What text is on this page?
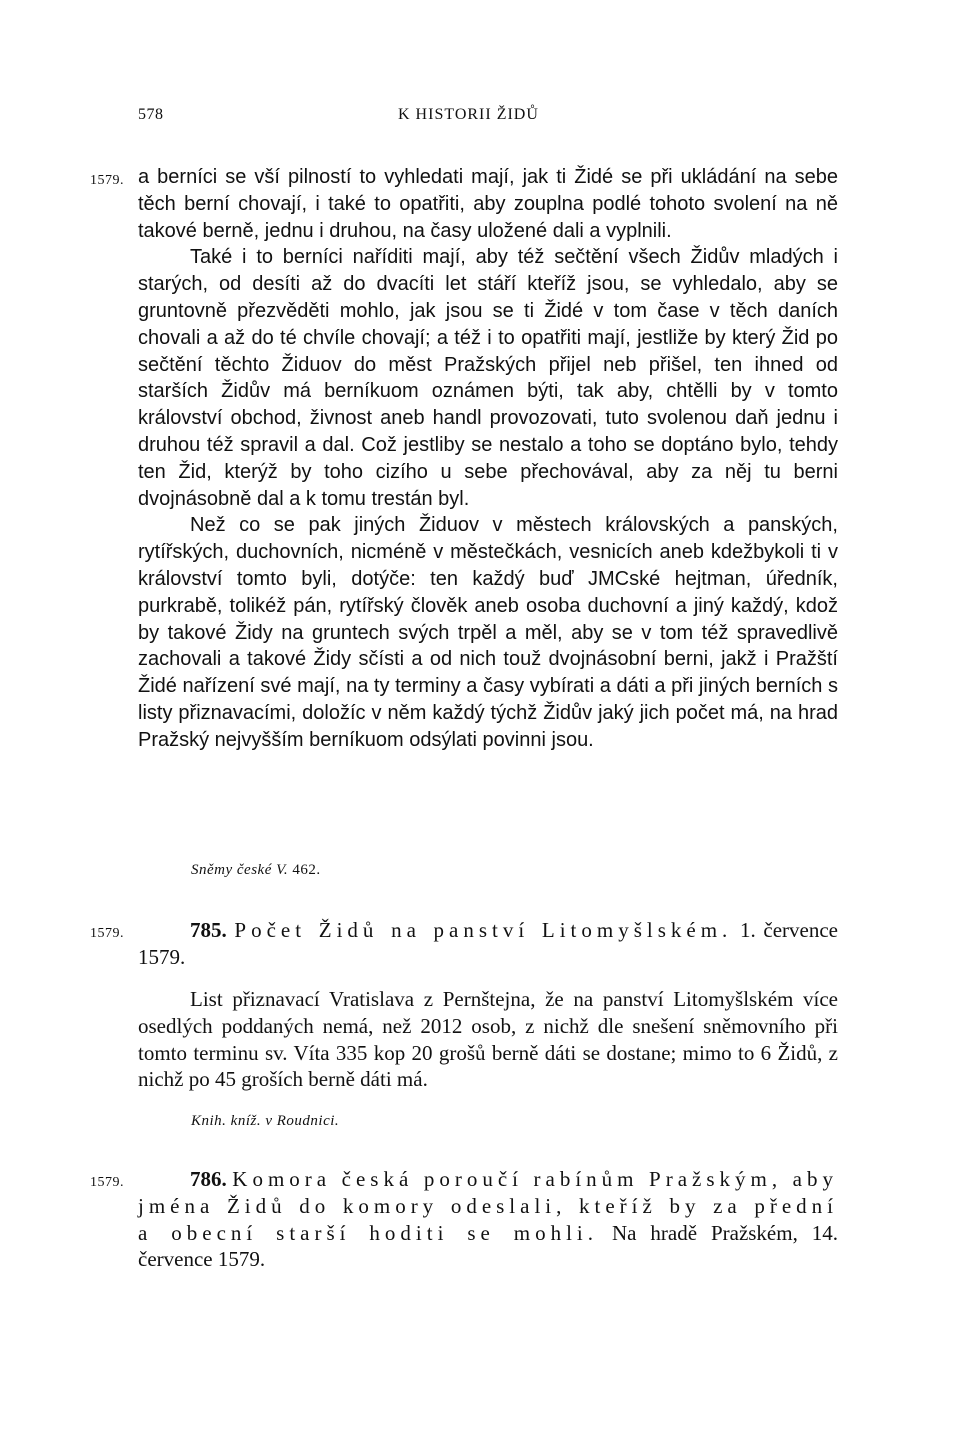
578	K HISTORII ŽIDŮ
1579. a berníci se vší pilností to vyhledati mají, jak ti Židé se při ukládání na sebe těch berní chovají, i také to opatřiti, aby zouplna podlé tohoto svolení na ně takové berně, jednu i druhou, na časy uložené dali a vyplnili.
Také i to berníci naříditi mají, aby též sečtění všech Židův mladých i starých, od desíti až do dvacíti let stáří kteříž jsou, se vyhledalo, aby se gruntovně přezvěděti mohlo, jak jsou se ti Židé v tom čase v těch daních chovali a až do té chvíle chovají; a též i to opatřiti mají, jestliže by který Žid po sečtění těchto Židuov do měst Pražských přijel neb přišel, ten ihned od starších Židův má berníkuom oznámen býti, tak aby, chtělli by v tomto království obchod, živnost aneb handl provozovati, tuto svolenou daň jednu i druhou též spravil a dal. Což jestliby se nestalo a toho se doptáno bylo, tehdy ten Žid, kterýž by toho cizího u sebe přechovával, aby za něj tu berni dvojnásobně dal a k tomu trestán byl.
Než co se pak jiných Židuov v městech královských a panských, rytířských, duchovních, nicméně v městečkách, vesnicích aneb kdežbykoli ti v království tomto byli, dotýče: ten každý buď JMCské hejtman, úředník, purkrabě, tolikéž pán, rytířský člověk aneb osoba duchovní a jiný každý, kdož by takové Židy na gruntech svých trpěl a měl, aby se v tom též spravedlivě zachovali a takové Židy sčísti a od nich touž dvojnásobní berni, jakž i Pražští Židé nařízení své mají, na ty terminy a časy vybírati a dáti a při jiných berních s listy přiznavacími, doložíc v něm každý týchž Židův jaký jich počet má, na hrad Pražský nejvyšším berníkuom odsýlati povinni jsou.
Sněmy české V. 462.
1579.	785. Počet Židů na panství Litomyšlském. 1. července 1579.
List přiznavací Vratislava z Pernštejna, že na panství Litomyšlském více osedlých poddaných nemá, než 2012 osob, z nichž dle snešení sněmovního při tomto terminu sv. Víta 335 kop 20 grošů berně dáti se dostane; mimo to 6 Židů, z nichž po 45 groších berně dáti má.
Knih. kníž. v Roudnici.
1579.	786. Komora česká poroučí rabínům Pražským, aby jména Židů do komory odeslali, kteříž by za přední a obecní starší hoditi se mohli. Na hradě Pražském, 14. července 1579.
